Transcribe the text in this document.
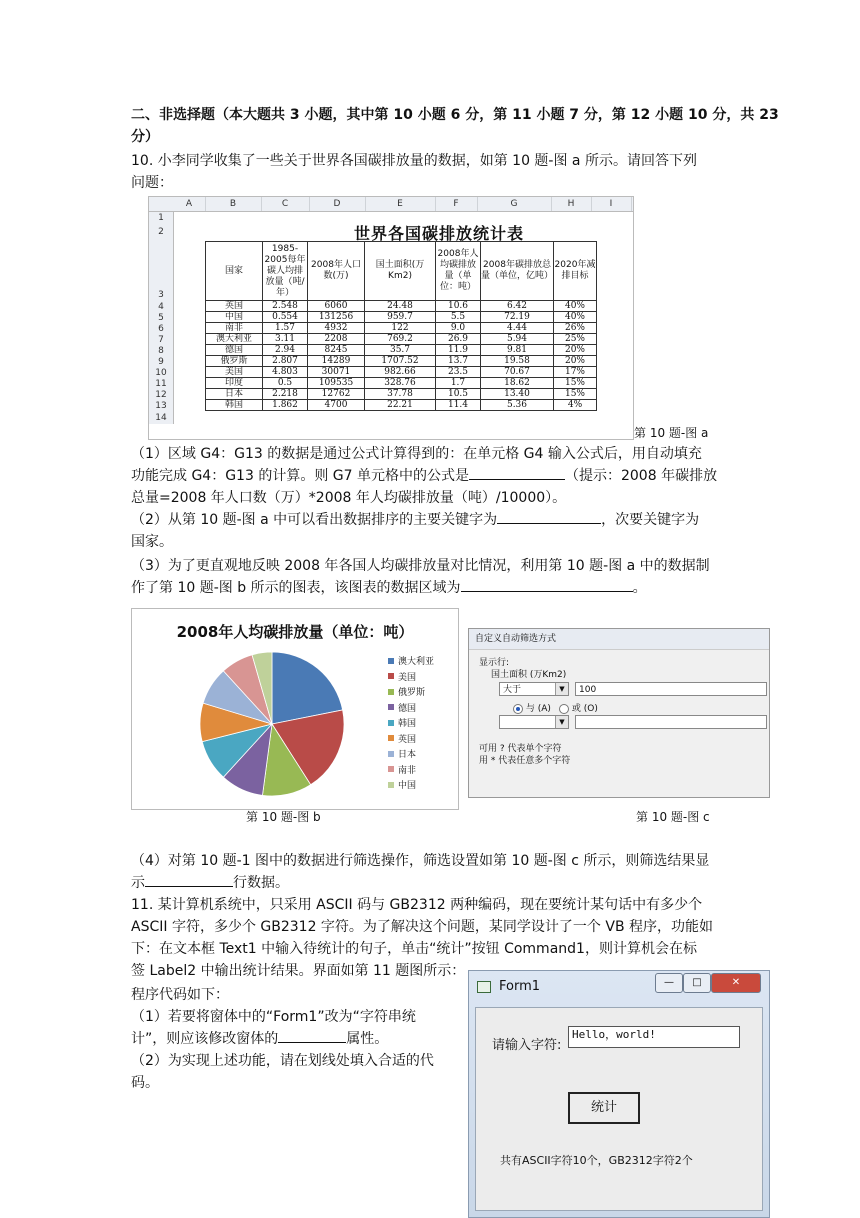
二、非选择题（本大题共 3 小题，其中第 10 小题 6 分，第 11 小题 7 分，第 12 小题 10 分，共 23
分）
10. 小李同学收集了一些关于世界各国碳排放量的数据，如第 10 题-图 a 所示。请回答下列
问题：
A	B	C	D	E	F	G	H	I
1
2
3
4
5
6
7
8
9
10
11
12
13
14
世界各国碳排放统计表
国家	1985-2005每年碳人均排放量（吨/年）	2008年人口数(万)	国土面积(万Km2)	2008年人均碳排放量（单位：吨）	2008年碳排放总量（单位，亿吨）	2020年减排目标
英国	2.548	6060	24.48	10.6	6.42	40%
中国	0.554	131256	959.7	5.5	72.19	40%
南非	1.57	4932	122	9.0	4.44	26%
澳大利亚	3.11	2208	769.2	26.9	5.94	25%
德国	2.94	8245	35.7	11.9	9.81	20%
俄罗斯	2.807	14289	1707.52	13.7	19.58	20%
美国	4.803	30071	982.66	23.5	70.67	17%
印度	0.5	109535	328.76	1.7	18.62	15%
日本	2.218	12762	37.78	10.5	13.40	15%
韩国	1.862	4700	22.21	11.4	5.36	4%
第 10 题-图 a
（1）区域 G4：G13 的数据是通过公式计算得到的：在单元格 G4 输入公式后，用自动填充
功能完成 G4：G13 的计算。则 G7 单元格中的公式是	（提示：2008 年碳排放
总量=2008 年人口数（万）*2008 年人均碳排放量（吨）/10000）。
（2）从第 10 题-图 a 中可以看出数据排序的主要关键字为	，次要关键字为
国家。
（3）为了更直观地反映 2008 年各国人均碳排放量对比情况，利用第 10 题-图 a 中的数据制
作了第 10 题-图 b 所示的图表，该图表的数据区域为	。
2008年人均碳排放量（单位：吨）
澳大利亚
美国
俄罗斯
德国
韩国
英国
日本
南非
中国
第 10 题-图 b
自定义自动筛选方式
显示行:
国土面积 (万Km2)
大于	▼	100
与 (A)	或 (O)
▼
可用 ? 代表单个字符
用 * 代表任意多个字符
第 10 题-图 c
（4）对第 10 题-1 图中的数据进行筛选操作，筛选设置如第 10 题-图 c 所示，则筛选结果显
示	行数据。
11. 某计算机系统中，只采用 ASCII 码与 GB2312 两种编码，现在要统计某句话中有多少个
ASCII 字符，多少个 GB2312 字符。为了解决这个问题，某同学设计了一个 VB 程序，功能如
下：在文本框 Text1 中输入待统计的句子，单击“统计”按钮 Command1，则计算机会在标
签 Label2 中输出统计结果。界面如第 11 题图所示：
程序代码如下：
（1）若要将窗体中的“Form1”改为“字符串统
计”，则应该修改窗体的	属性。
（2）为实现上述功能，请在划线处填入合适的代
码。
Form1	—	□	✕
请输入字符:
Hello，world!
统计
共有ASCII字符10个，GB2312字符2个
